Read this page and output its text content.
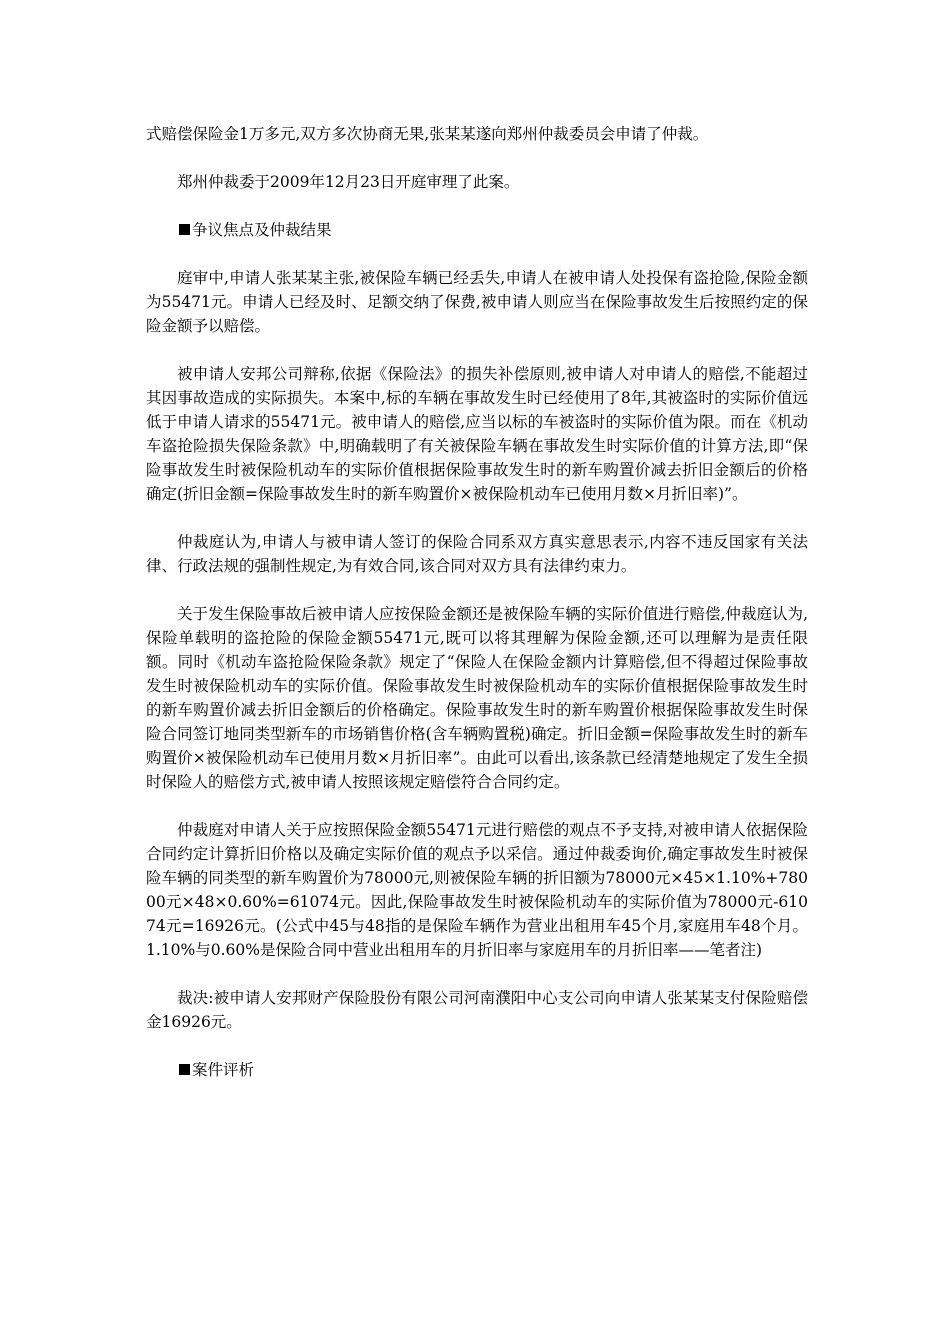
式赔偿保险金1万多元,双方多次协商无果,张某某遂向郑州仲裁委员会申请了仲裁。

郑州仲裁委于2009年12月23日开庭审理了此案。

争议焦点及仲裁结果

庭审中,申请人张某某主张,被保险车辆已经丢失,申请人在被申请人处投保有盗抢险,保险金额为55471元。申请人已经及时、足额交纳了保费,被申请人则应当在保险事故发生后按照约定的保险金额予以赔偿。

被申请人安邦公司辩称,依据《保险法》的损失补偿原则,被申请人对申请人的赔偿,不能超过其因事故造成的实际损失。本案中,标的车辆在事故发生时已经使用了8年,其被盗时的实际价值远低于申请人请求的55471元。被申请人的赔偿,应当以标的车被盗时的实际价值为限。而在《机动车盗抢险损失保险条款》中,明确载明了有关被保险车辆在事故发生时实际价值的计算方法,即“保险事故发生时被保险机动车的实际价值根据保险事故发生时的新车购置价减去折旧金额后的价格确定(折旧金额=保险事故发生时的新车购置价×被保险机动车已使用月数×月折旧率)”。

仲裁庭认为,申请人与被申请人签订的保险合同系双方真实意思表示,内容不违反国家有关法律、行政法规的强制性规定,为有效合同,该合同对双方具有法律约束力。

关于发生保险事故后被申请人应按保险金额还是被保险车辆的实际价值进行赔偿,仲裁庭认为,保险单载明的盗抢险的保险金额55471元,既可以将其理解为保险金额,还可以理解为是责任限额。同时《机动车盗抢险保险条款》规定了“保险人在保险金额内计算赔偿,但不得超过保险事故发生时被保险机动车的实际价值。保险事故发生时被保险机动车的实际价值根据保险事故发生时的新车购置价减去折旧金额后的价格确定。保险事故发生时的新车购置价根据保险事故发生时保险合同签订地同类型新车的市场销售价格(含车辆购置税)确定。折旧金额=保险事故发生时的新车购置价×被保险机动车已使用月数×月折旧率”。由此可以看出,该条款已经清楚地规定了发生全损时保险人的赔偿方式,被申请人按照该规定赔偿符合合同约定。

仲裁庭对申请人关于应按照保险金额55471元进行赔偿的观点不予支持,对被申请人依据保险合同约定计算折旧价格以及确定实际价值的观点予以采信。通过仲裁委询价,确定事故发生时被保险车辆的同类型的新车购置价为78000元,则被保险车辆的折旧额为78000元×45×1.10%+78000元×48×0.60%=61074元。因此,保险事故发生时被保险机动车的实际价值为78000元-61074元=16926元。(公式中45与48指的是保险车辆作为营业出租用车45个月,家庭用车48个月。1.10%与0.60%是保险合同中营业出租用车的月折旧率与家庭用车的月折旧率——笔者注)

裁决:被申请人安邦财产保险股份有限公司河南濮阳中心支公司向申请人张某某支付保险赔偿金16926元。

案件评析
